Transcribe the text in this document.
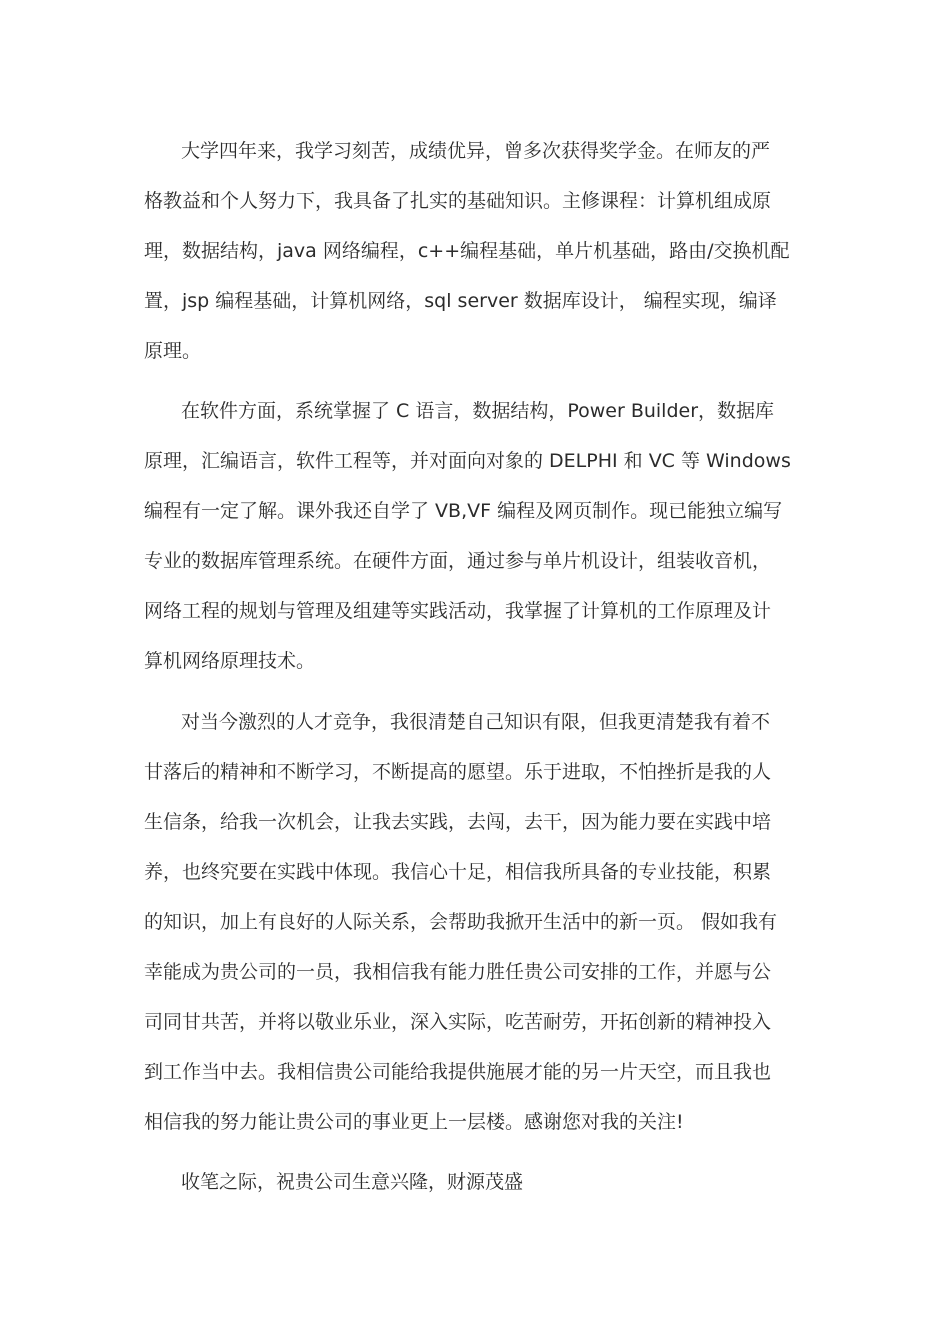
大学四年来，我学习刻苦，成绩优异，曾多次获得奖学金。在师友的严
格教益和个人努力下，我具备了扎实的基础知识。主修课程：计算机组成原
理，数据结构，java 网络编程，c++编程基础，单片机基础，路由/交换机配
置，jsp 编程基础，计算机网络，sql server 数据库设计， 编程实现，编译
原理。
在软件方面，系统掌握了 C 语言，数据结构，Power Builder，数据库
原理，汇编语言，软件工程等，并对面向对象的 DELPHI 和 VC 等 Windows
编程有一定了解。课外我还自学了 VB,VF 编程及网页制作。现已能独立编写
专业的数据库管理系统。在硬件方面，通过参与单片机设计，组装收音机，
网络工程的规划与管理及组建等实践活动，我掌握了计算机的工作原理及计
算机网络原理技术。
对当今激烈的人才竞争，我很清楚自己知识有限，但我更清楚我有着不
甘落后的精神和不断学习，不断提高的愿望。乐于进取，不怕挫折是我的人
生信条，给我一次机会，让我去实践，去闯，去干，因为能力要在实践中培
养，也终究要在实践中体现。我信心十足，相信我所具备的专业技能，积累
的知识，加上有良好的人际关系，会帮助我掀开生活中的新一页。 假如我有
幸能成为贵公司的一员，我相信我有能力胜任贵公司安排的工作，并愿与公
司同甘共苦，并将以敬业乐业，深入实际，吃苦耐劳，开拓创新的精神投入
到工作当中去。我相信贵公司能给我提供施展才能的另一片天空，而且我也
相信我的努力能让贵公司的事业更上一层楼。感谢您对我的关注!
收笔之际，祝贵公司生意兴隆，财源茂盛
